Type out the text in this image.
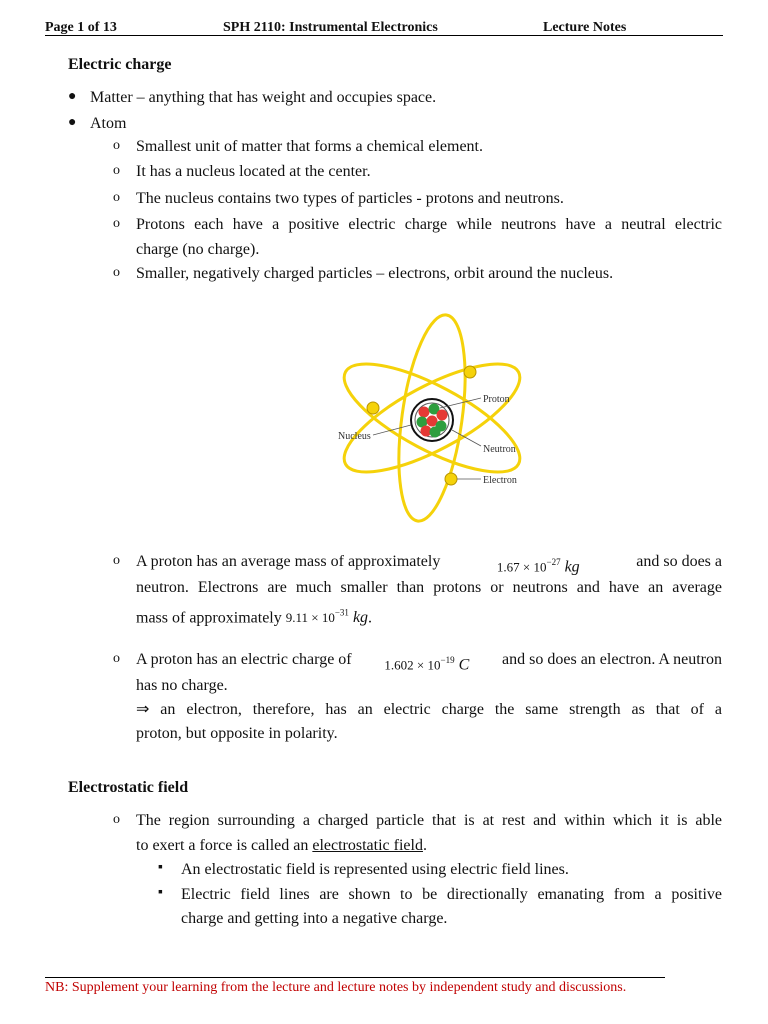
Page 1 of 13	SPH 2110: Instrumental Electronics	Lecture Notes
Electric charge
● Matter – anything that has weight and occupies space.
● Atom
o Smallest unit of matter that forms a chemical element.
o It has a nucleus located at the center.
o The nucleus contains two types of particles - protons and neutrons.
o Protons each have a positive electric charge while neutrons have a neutral electric
charge (no charge).
o Smaller, negatively charged particles – electrons, orbit around the nucleus.
Proton
Nucleus
Neutron
Electron
o A proton has an average mass of approximately	$1.67 \times 10^{-27}$ kg	and so does a
neutron. Electrons are much smaller than protons or neutrons and have an average
mass of approximately $9.11 \times 10^{-31}$ kg.
o A proton has an electric charge of	$1.602 \times 10^{-19}$ C and so does an electron. A neutron
has no charge.
⇒ an electron, therefore, has an electric charge the same strength as that of a
proton, but opposite in polarity.
Electrostatic field
o The region surrounding a charged particle that is at rest and within which it is able
to exert a force is called an electrostatic field.
▪ An electrostatic field is represented using electric field lines.
▪ Electric field lines are shown to be directionally emanating from a positive
charge and getting into a negative charge.
NB: Supplement your learning from the lecture and lecture notes by independent study and discussions.
